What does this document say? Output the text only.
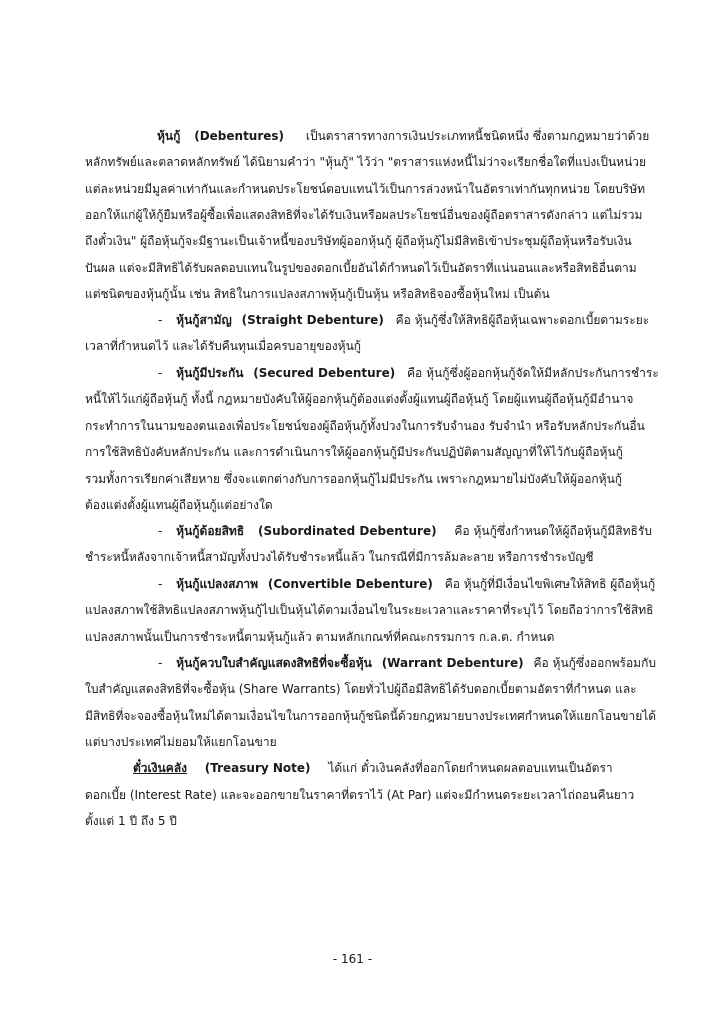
หุ้นกู้ (Debentures) เป็นตราสารทางการเงินประเภทหนี้ชนิดหนึ่ง ซึ่งตามกฎหมายว่าด้วย
หลักทรัพย์และตลาดหลักทรัพย์ ได้นิยามคำว่า "หุ้นกู้" ไว้ว่า "ตราสารแห่งหนี้ไม่ว่าจะเรียกชื่อใดที่แบ่งเป็นหน่วย
แต่ละหน่วยมีมูลค่าเท่ากันและกำหนดประโยชน์ตอบแทนไว้เป็นการล่วงหน้าในอัตราเท่ากันทุกหน่วย โดยบริษัท
ออกให้แก่ผู้ให้กู้ยืมหรือผู้ซื้อเพื่อแสดงสิทธิที่จะได้รับเงินหรือผลประโยชน์อื่นของผู้ถือตราสารดังกล่าว แต่ไม่รวม
ถึงตั๋วเงิน" ผู้ถือหุ้นกู้จะมีฐานะเป็นเจ้าหนี้ของบริษัทผู้ออกหุ้นกู้ ผู้ถือหุ้นกู้ไม่มีสิทธิเข้าประชุมผู้ถือหุ้นหรือรับเงิน
ปันผล แต่จะมีสิทธิได้รับผลตอบแทนในรูปของดอกเบี้ยอันได้กำหนดไว้เป็นอัตราที่แน่นอนและหรือสิทธิอื่นตาม
แต่ชนิดของหุ้นกู้นั้น เช่น สิทธิในการแปลงสภาพหุ้นกู้เป็นหุ้น หรือสิทธิจองซื้อหุ้นใหม่ เป็นต้น
- หุ้นกู้สามัญ (Straight Debenture) คือ หุ้นกู้ซึ่งให้สิทธิผู้ถือหุ้นเฉพาะดอกเบี้ยตามระยะ
เวลาที่กำหนดไว้ และได้รับคืนทุนเมื่อครบอายุของหุ้นกู้
- หุ้นกู้มีประกัน (Secured Debenture) คือ หุ้นกู้ซึ่งผู้ออกหุ้นกู้จัดให้มีหลักประกันการชำระ
หนี้ให้ไว้แก่ผู้ถือหุ้นกู้ ทั้งนี้ กฎหมายบังคับให้ผู้ออกหุ้นกู้ต้องแต่งตั้งผู้แทนผู้ถือหุ้นกู้ โดยผู้แทนผู้ถือหุ้นกู้มีอำนาจ
กระทำการในนามของตนเองเพื่อประโยชน์ของผู้ถือหุ้นกู้ทั้งปวงในการรับจำนอง รับจำนำ หรือรับหลักประกันอื่น
การใช้สิทธิบังคับหลักประกัน และการดำเนินการให้ผู้ออกหุ้นกู้มีประกันปฏิบัติตามสัญญาที่ให้ไว้กับผู้ถือหุ้นกู้
รวมทั้งการเรียกค่าเสียหาย ซึ่งจะแตกต่างกับการออกหุ้นกู้ไม่มีประกัน เพราะกฎหมายไม่บังคับให้ผู้ออกหุ้นกู้
ต้องแต่งตั้งผู้แทนผู้ถือหุ้นกู้แต่อย่างใด
- หุ้นกู้ด้อยสิทธิ (Subordinated Debenture) คือ หุ้นกู้ซึ่งกำหนดให้ผู้ถือหุ้นกู้มีสิทธิรับ
ชำระหนี้หลังจากเจ้าหนี้สามัญทั้งปวงได้รับชำระหนี้แล้ว ในกรณีที่มีการล้มละลาย หรือการชำระบัญชี
- หุ้นกู้แปลงสภาพ (Convertible Debenture) คือ หุ้นกู้ที่มีเงื่อนไขพิเศษให้สิทธิ ผู้ถือหุ้นกู้
แปลงสภาพใช้สิทธิแปลงสภาพหุ้นกู้ไปเป็นหุ้นได้ตามเงื่อนไขในระยะเวลาและราคาที่ระบุไว้ โดยถือว่าการใช้สิทธิ
แปลงสภาพนั้นเป็นการชำระหนี้ตามหุ้นกู้แล้ว ตามหลักเกณฑ์ที่คณะกรรมการ ก.ล.ต. กำหนด
- หุ้นกู้ควบใบสำคัญแสดงสิทธิที่จะซื้อหุ้น (Warrant Debenture) คือ หุ้นกู้ซึ่งออกพร้อมกับ
ใบสำคัญแสดงสิทธิที่จะซื้อหุ้น (Share Warrants) โดยทั่วไปผู้ถือมีสิทธิได้รับดอกเบี้ยตามอัตราที่กำหนด และ
มีสิทธิที่จะจองซื้อหุ้นใหม่ได้ตามเงื่อนไขในการออกหุ้นกู้ชนิดนี้ด้วยกฎหมายบางประเทศกำหนดให้แยกโอนขายได้
แต่บางประเทศไม่ยอมให้แยกโอนขาย
ตั๋วเงินคลัง (Treasury Note) ได้แก่ ตั๋วเงินคลังที่ออกโดยกำหนดผลตอบแทนเป็นอัตรา
ดอกเบี้ย (Interest Rate) และจะออกขายในราคาที่ตราไว้ (At Par) แต่จะมีกำหนดระยะเวลาไถ่ถอนคืนยาว
ตั้งแต่ 1 ปี ถึง 5 ปี
- 161 -
